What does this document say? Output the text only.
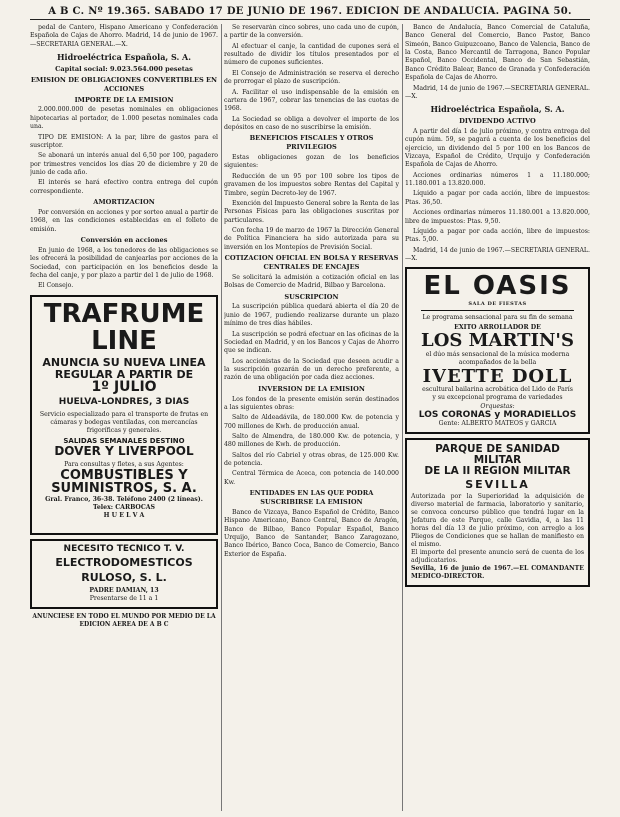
A B C. Nº 19.365. SABADO 17 DE JUNIO DE 1967. EDICION DE ANDALUCIA. PAGINA 50.

pedal de Cantero, Hispano Americano y Confederación Española de Cajas de Ahorro. Madrid, 14 de junio de 1967.—SECRETARIA GENERAL.—X.

Hidroeléctrica Española, S. A.
Capital social: 9.023.564.000 pesetas
EMISION DE OBLIGACIONES CONVERTIBLES EN ACCIONES
IMPORTE DE LA EMISION

2.000.000.000 de pesetas nominales en obligaciones hipotecarias al portador, de 1.000 pesetas nominales cada una.

TIPO DE EMISION: A la par, libre de gastos para el suscriptor.

Se abonará un interés anual del 6,50 por 100, pagadero por trimestres vencidos los días 20 de diciembre y 20 de junio de cada año.

El interés se hará efectivo contra entrega del cupón correspondiente.

AMORTIZACION

Por conversión en acciones y por sorteo anual a partir de 1968, en las condiciones establecidas en el folleto de emisión.

Conversión en acciones

En junio de 1968, a los tenedores de las obligaciones se les ofrecerá la posibilidad de canjearlas por acciones de la Sociedad, con participación en los beneficios desde la fecha del canje, y por plazo a partir del 1 de julio de 1968.

El Consejo.

TRAFRUME LINE
ANUNCIA SU NUEVA LINEA
REGULAR A PARTIR DE
1º JULIO
HUELVA-LONDRES, 3 DIAS
Servicio especializado para el transporte de frutas en cámaras y bodegas ventiladas, con mercancías frigoríficas y generales.
SALIDAS SEMANALES DESTINO
DOVER Y LIVERPOOL
Para consultas y fletes, a sus Agentes:
COMBUSTIBLES Y
SUMINISTROS, S. A.
Gral. Franco, 36-38. Teléfono 2400 (2 líneas). Telex: CARBOCAS
H U E L V A
NECESITO TECNICO T. V.
ELECTRODOMESTICOS
RULOSO, S. L.
PADRE DAMIAN, 13
Presentarse de 11 a 1
ANUNCIESE EN TODO EL MUNDO POR MEDIO DE LA EDICION AEREA DE A B C

Se reservarán cinco sobres, uno cada uno de cupón, a partir de la conversión.

Al efectuar el canje, la cantidad de cupones será el resultado de dividir los títulos presentados por el número de cupones suficientes.

El Consejo de Administración se reserva el derecho de prorrogar el plazo de suscripción.

A. Facilitar el uso indispensable de la emisión en cartera de 1967, cobrar las tenencias de las cuotas de 1968.

La Sociedad se obliga a devolver el importe de los depósitos en caso de no suscribirse la emisión.

BENEFICIOS FISCALES Y OTROS PRIVILEGIOS

Estas obligaciones gozan de los beneficios siguientes:

Reducción de un 95 por 100 sobre los tipos de gravamen de los impuestos sobre Rentas del Capital y Timbre, según Decreto-ley de 1967.

Exención del Impuesto General sobre la Renta de las Personas Físicas para las obligaciones suscritas por particulares.

Con fecha 19 de marzo de 1967 la Dirección General de Política Financiera ha sido autorizada para su inversión en los Montepíos de Previsión Social.

COTIZACION OFICIAL EN BOLSA Y RESERVAS CENTRALES DE ENCAJES

Se solicitará la admisión a cotización oficial en las Bolsas de Comercio de Madrid, Bilbao y Barcelona.

SUSCRIPCION

La suscripción pública quedará abierta el día 20 de junio de 1967, pudiendo realizarse durante un plazo mínimo de tres días hábiles.

La suscripción se podrá efectuar en las oficinas de la Sociedad en Madrid, y en los Bancos y Cajas de Ahorro que se indican.

Los accionistas de la Sociedad que deseen acudir a la suscripción gozarán de un derecho preferente, a razón de una obligación por cada diez acciones.

INVERSION DE LA EMISION

Los fondos de la presente emisión serán destinados a las siguientes obras:

Salto de Aldeadávila, de 180.000 Kw. de potencia y 700 millones de Kwh. de producción anual.

Salto de Almendra, de 180.000 Kw. de potencia, y 480 millones de Kwh. de producción.

Saltos del río Cabriel y otras obras, de 125.000 Kw. de potencia.

Central Térmica de Aceca, con potencia de 140.000 Kw.

ENTIDADES EN LAS QUE PODRA SUSCRIBIRSE LA EMISION

Banco de Vizcaya, Banco Español de Crédito, Banco Hispano Americano, Banco Central, Banco de Aragón, Banco de Bilbao, Banco Popular Español, Banco Urquijo, Banco de Santander, Banco Zaragozano, Banco Ibérico, Banco Coca, Banco de Comercio, Banco Exterior de España.

Banco de Andalucía, Banco Comercial de Cataluña, Banco General del Comercio, Banco Pastor, Banco Simeón, Banco Guipuzcoano, Banco de Valencia, Banco de la Costa, Banco Mercantil de Tarragona, Banco Popular Español, Banco Occidental, Banco de San Sebastián, Banco Crédito Balear, Banco de Granada y Confederación Española de Cajas de Ahorro.

Madrid, 14 de junio de 1967.—SECRETARIA GENERAL.—X.

Hidroeléctrica Española, S. A.
DIVIDENDO ACTIVO

A partir del día 1 de julio próximo, y contra entrega del cupón núm. 59, se pagará a cuenta de los beneficios del ejercicio, un dividendo del 5 por 100 en los Bancos de Vizcaya, Español de Crédito, Urquijo y Confederación Española de Cajas de Ahorro.

Acciones ordinarias números 1 a 11.180.000; 11.180.001 a 13.820.000.

Líquido a pagar por cada acción, libre de impuestos: Ptas. 36,50.

Acciones ordinarias números 11.180.001 a 13.820.000, libre de impuestos: Ptas. 9,50.

Líquido a pagar por cada acción, libre de impuestos: Ptas. 5,00.

Madrid, 14 de junio de 1967.—SECRETARIA GENERAL.—X.

EL OASIS
SALA DE FIESTAS
Le programa sensacional para su fin de semana
EXITO ARROLLADOR DE
LOS MARTIN'S
el dúo más sensacional de la música moderna acompañados de la bella
IVETTE DOLL
escultural bailarina acrobática del Lido de París
y su excepcional programa de variedades
Orquestas:
LOS CORONAS y MORADIELLOS
Gente: ALBERTO MATEOS y GARCIA
PARQUE DE SANIDAD MILITAR
DE LA II REGION MILITAR
SEVILLA
Autorizada por la Superioridad la adquisición de diverso material de farmacia, laboratorio y sanitario, se convoca concurso público que tendrá lugar en la Jefatura de este Parque, calle Gavidia, 4, a las 11 horas del día 13 de julio próximo, con arreglo a los Pliegos de Condiciones que se hallan de manifiesto en el mismo.
El importe del presente anuncio será de cuenta de los adjudicatarios.
Sevilla, 16 de junio de 1967.—EL COMANDANTE MEDICO-DIRECTOR.
